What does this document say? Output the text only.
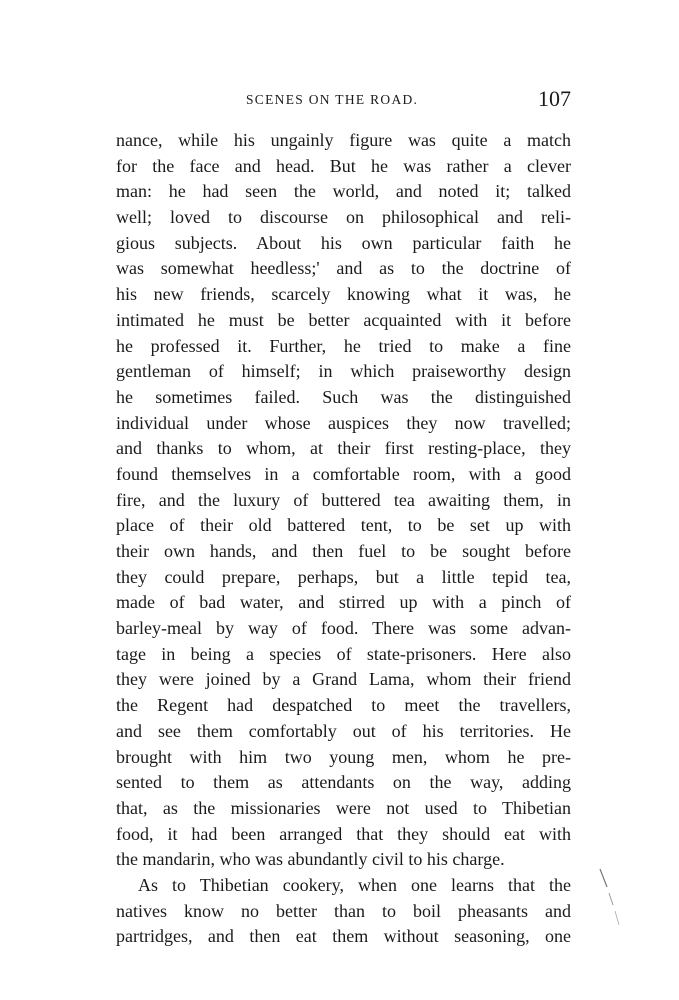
SCENES ON THE ROAD.	107
nance, while his ungainly figure was quite a match
for the face and head. But he was rather a clever
man: he had seen the world, and noted it; talked
well; loved to discourse on philosophical and reli-
gious subjects. About his own particular faith he
was somewhat heedless;' and as to the doctrine of
his new friends, scarcely knowing what it was, he
intimated he must be better acquainted with it before
he professed it. Further, he tried to make a fine
gentleman of himself; in which praiseworthy design
he sometimes failed. Such was the distinguished
individual under whose auspices they now travelled;
and thanks to whom, at their first resting-place, they
found themselves in a comfortable room, with a good
fire, and the luxury of buttered tea awaiting them, in
place of their old battered tent, to be set up with
their own hands, and then fuel to be sought before
they could prepare, perhaps, but a little tepid tea,
made of bad water, and stirred up with a pinch of
barley-meal by way of food. There was some advan-
tage in being a species of state-prisoners. Here also
they were joined by a Grand Lama, whom their friend
the Regent had despatched to meet the travellers,
and see them comfortably out of his territories. He
brought with him two young men, whom he pre-
sented to them as attendants on the way, adding
that, as the missionaries were not used to Thibetian
food, it had been arranged that they should eat with
the mandarin, who was abundantly civil to his charge.
As to Thibetian cookery, when one learns that the
natives know no better than to boil pheasants and
partridges, and then eat them without seasoning, one
